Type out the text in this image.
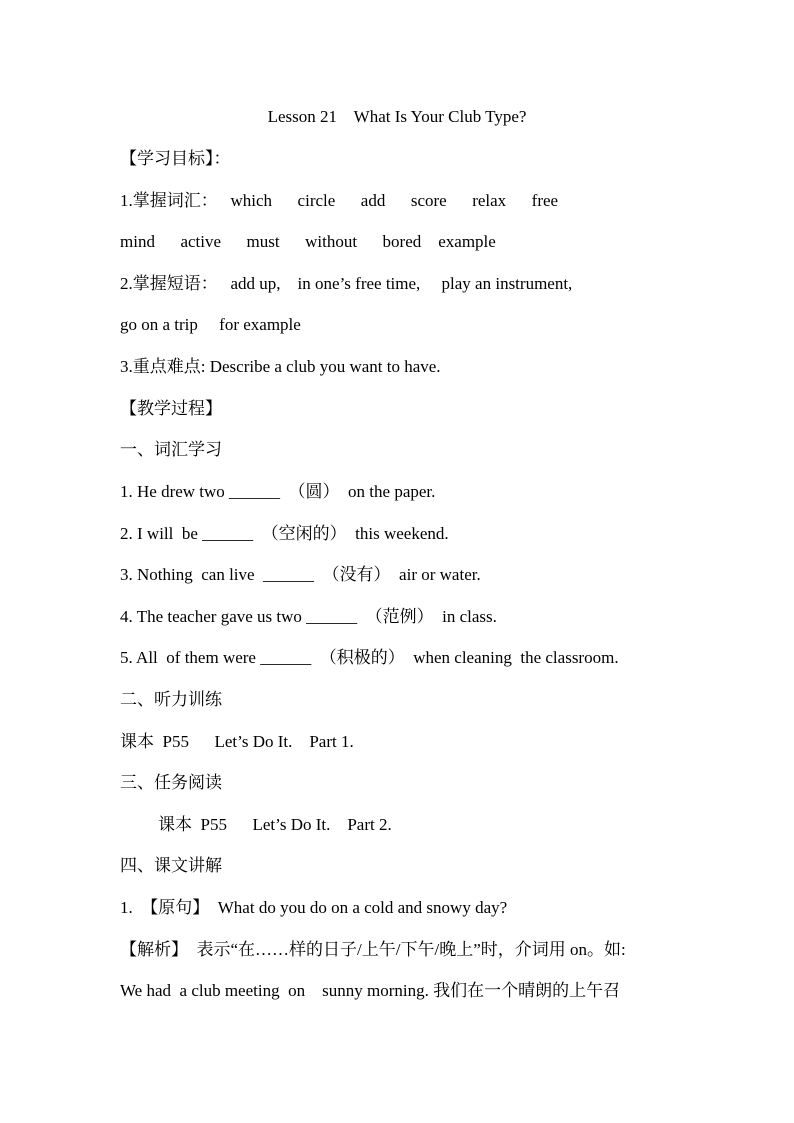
Lesson 21    What Is Your Club Type?
【学习目标】：
1.掌握词汇：   which      circle      add      score      relax      free
mind      active      must      without      bored    example
2.掌握短语：   add up,    in one’s free time,     play an instrument,
go on a trip     for example
3.重点难点: Describe a club you want to have.
【教学过程】
一、词汇学习
1. He drew two ______  （圆）  on the paper.
2. I will  be ______  （空闲的）  this weekend.
3. Nothing  can live  ______  （没有）  air or water.
4. The teacher gave us two ______  （范例）  in class.
5. All  of them were ______  （积极的）  when cleaning  the classroom.
二、听力训练
课本  P55      Let’s Do It.    Part 1.
三、任务阅读
课本  P55      Let’s Do It.    Part 2.
四、课文讲解
1.  【原句】  What do you do on a cold and snowy day?
【解析】  表示“在……样的日子/上午/下午/晚上”时，介词用 on。如:
We had  a club meeting  on    sunny morning. 我们在一个晴朗的上午召
